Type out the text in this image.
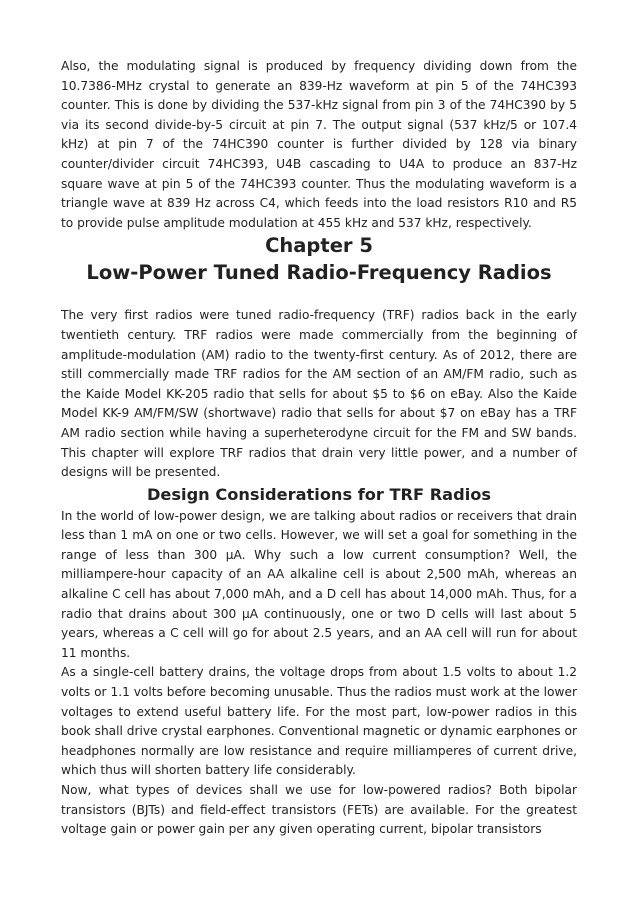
Also, the modulating signal is produced by frequency dividing down from the 10.7386-MHz crystal to generate an 839-Hz waveform at pin 5 of the 74HC393 counter. This is done by dividing the 537-kHz signal from pin 3 of the 74HC390 by 5 via its second divide-by-5 circuit at pin 7. The output signal (537 kHz/5 or 107.4 kHz) at pin 7 of the 74HC390 counter is further divided by 128 via binary counter/divider circuit 74HC393, U4B cascading to U4A to produce an 837-Hz square wave at pin 5 of the 74HC393 counter. Thus the modulating waveform is a triangle wave at 839 Hz across C4, which feeds into the load resistors R10 and R5 to provide pulse amplitude modulation at 455 kHz and 537 kHz, respectively.

Chapter 5
Low-Power Tuned Radio-Frequency Radios

The very first radios were tuned radio-frequency (TRF) radios back in the early twentieth century. TRF radios were made commercially from the beginning of amplitude-modulation (AM) radio to the twenty-first century. As of 2012, there are still commercially made TRF radios for the AM section of an AM/FM radio, such as the Kaide Model KK-205 radio that sells for about $5 to $6 on eBay. Also the Kaide Model KK-9 AM/FM/SW (shortwave) radio that sells for about $7 on eBay has a TRF AM radio section while having a superheterodyne circuit for the FM and SW bands. This chapter will explore TRF radios that drain very little power, and a number of designs will be presented.

Design Considerations for TRF Radios

In the world of low-power design, we are talking about radios or receivers that drain less than 1 mA on one or two cells. However, we will set a goal for something in the range of less than 300 µA. Why such a low current consumption? Well, the milliampere-hour capacity of an AA alkaline cell is about 2,500 mAh, whereas an alkaline C cell has about 7,000 mAh, and a D cell has about 14,000 mAh. Thus, for a radio that drains about 300 µA continuously, one or two D cells will last about 5 years, whereas a C cell will go for about 2.5 years, and an AA cell will run for about 11 months.

As a single-cell battery drains, the voltage drops from about 1.5 volts to about 1.2 volts or 1.1 volts before becoming unusable. Thus the radios must work at the lower voltages to extend useful battery life. For the most part, low-power radios in this book shall drive crystal earphones. Conventional magnetic or dynamic earphones or headphones normally are low resistance and require milliamperes of current drive, which thus will shorten battery life considerably.

Now, what types of devices shall we use for low-powered radios? Both bipolar transistors (BJTs) and field-effect transistors (FETs) are available. For the greatest voltage gain or power gain per any given operating current, bipolar transistors
